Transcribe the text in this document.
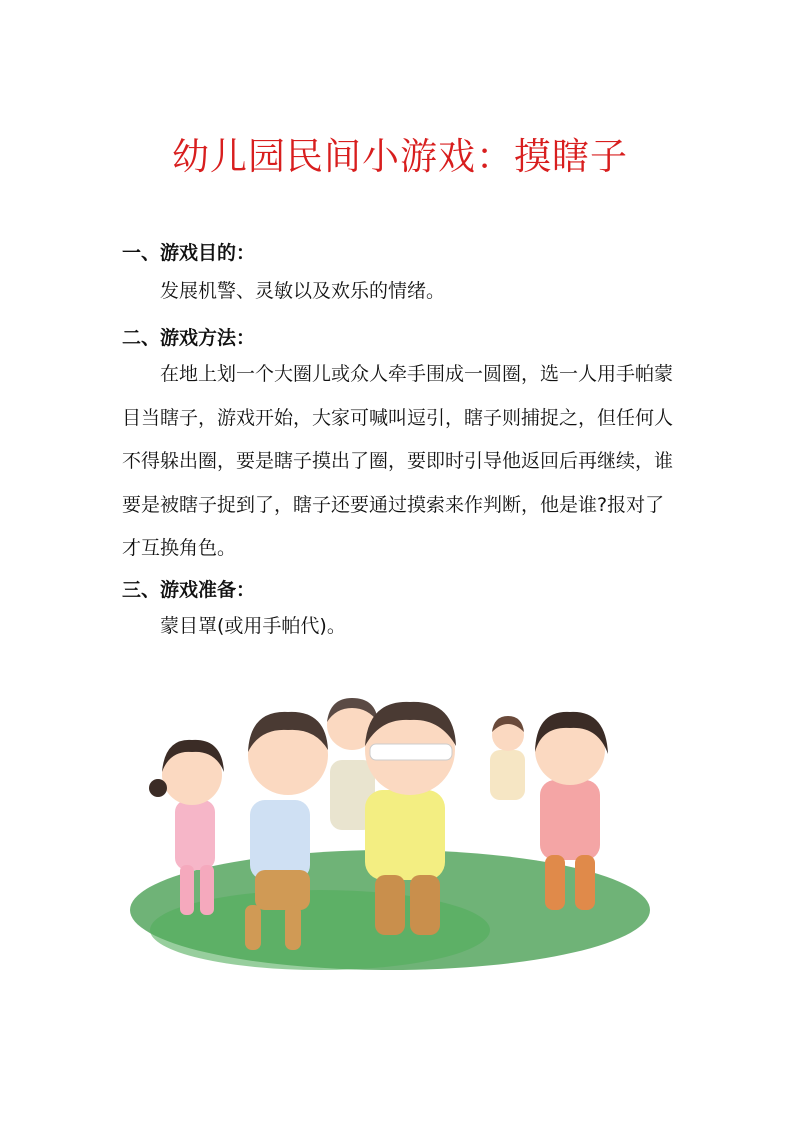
幼儿园民间小游戏：摸瞎子
一、游戏目的：

发展机警、灵敏以及欢乐的情绪。

二、游戏方法：

在地上划一个大圈儿或众人牵手围成一圆圈，选一人用手帕蒙目当瞎子，游戏开始，大家可喊叫逗引，瞎子则捕捉之，但任何人不得躲出圈，要是瞎子摸出了圈，要即时引导他返回后再继续，谁要是被瞎子捉到了，瞎子还要通过摸索来作判断，他是谁?报对了才互换角色。

三、游戏准备：

蒙目罩(或用手帕代)。
